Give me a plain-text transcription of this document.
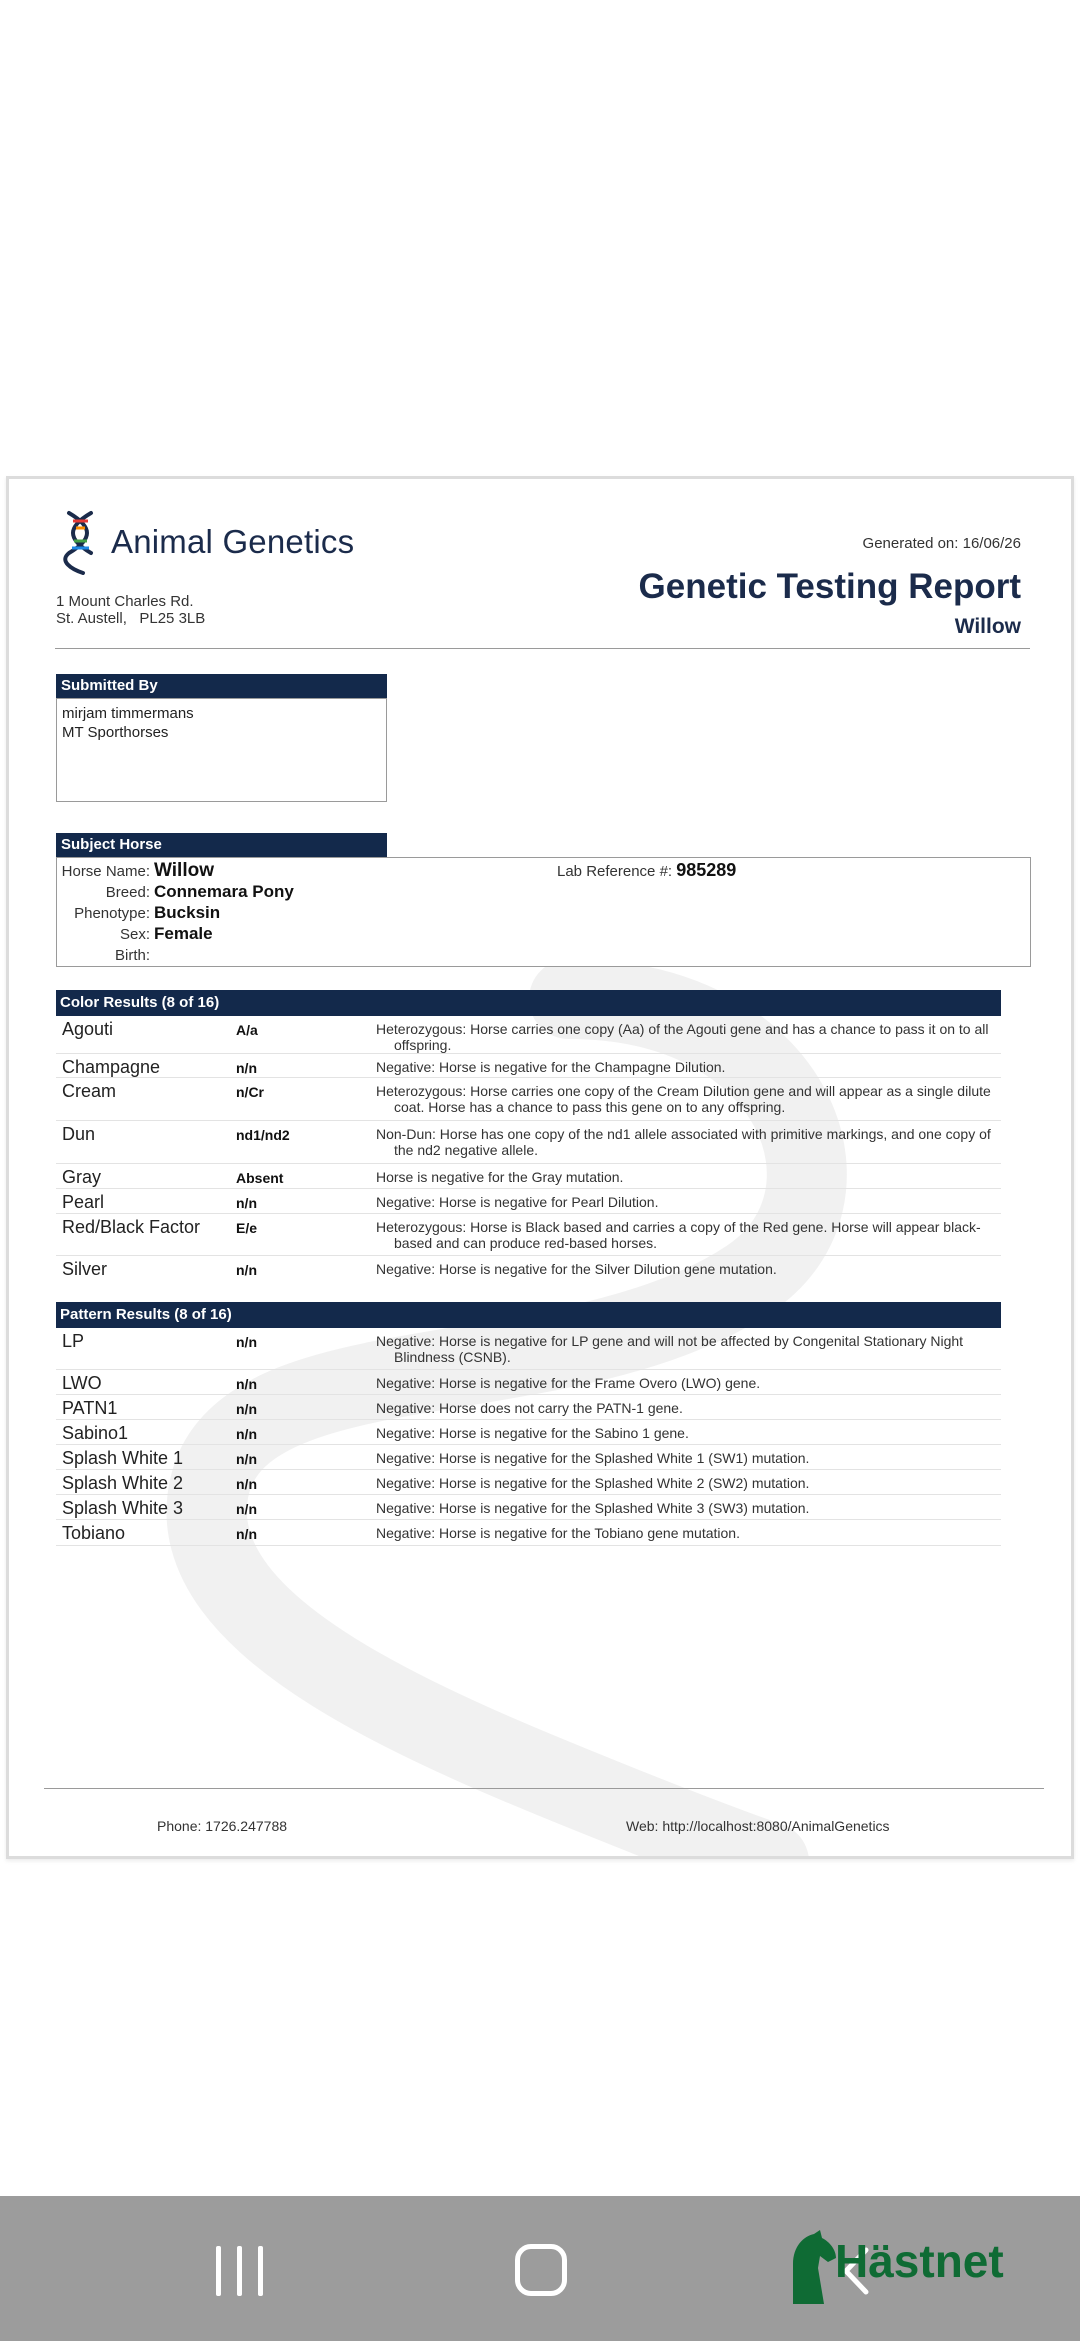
Animal Genetics
1 Mount Charles Rd.
St. Austell,   PL25 3LB
Generated on: 16/06/26
Genetic Testing Report
Willow
Submitted By
mirjam timmermans
MT Sporthorses
Subject Horse
Horse Name: Willow	Lab Reference #: 985289
Breed: Connemara Pony
Phenotype: Bucksin
Sex: Female
Birth:
Color Results (8 of 16)
Agouti	A/a	Heterozygous: Horse carries one copy (Aa) of the Agouti gene and has a chance to pass it on to all offspring.
Champagne	n/n	Negative: Horse is negative for the Champagne Dilution.
Cream	n/Cr	Heterozygous: Horse carries one copy of the Cream Dilution gene and will appear as a single dilute coat. Horse has a chance to pass this gene on to any offspring.
Dun	nd1/nd2	Non-Dun: Horse has one copy of the nd1 allele associated with primitive markings, and one copy of the nd2 negative allele.
Gray	Absent	Horse is negative for the Gray mutation.
Pearl	n/n	Negative: Horse is negative for Pearl Dilution.
Red/Black Factor	E/e	Heterozygous: Horse is Black based and carries a copy of the Red gene. Horse will appear black-based and can produce red-based horses.
Silver	n/n	Negative: Horse is negative for the Silver Dilution gene mutation.
Pattern Results (8 of 16)
LP	n/n	Negative: Horse is negative for LP gene and will not be affected by Congenital Stationary Night Blindness (CSNB).
LWO	n/n	Negative: Horse is negative for the Frame Overo (LWO) gene.
PATN1	n/n	Negative: Horse does not carry the PATN-1 gene.
Sabino1	n/n	Negative: Horse is negative for the Sabino 1 gene.
Splash White 1	n/n	Negative: Horse is negative for the Splashed White 1 (SW1) mutation.
Splash White 2	n/n	Negative: Horse is negative for the Splashed White 2 (SW2) mutation.
Splash White 3	n/n	Negative: Horse is negative for the Splashed White 3 (SW3) mutation.
Tobiano	n/n	Negative: Horse is negative for the Tobiano gene mutation.
Phone: 1726.247788	Web: http://localhost:8080/AnimalGenetics
Hästnet
